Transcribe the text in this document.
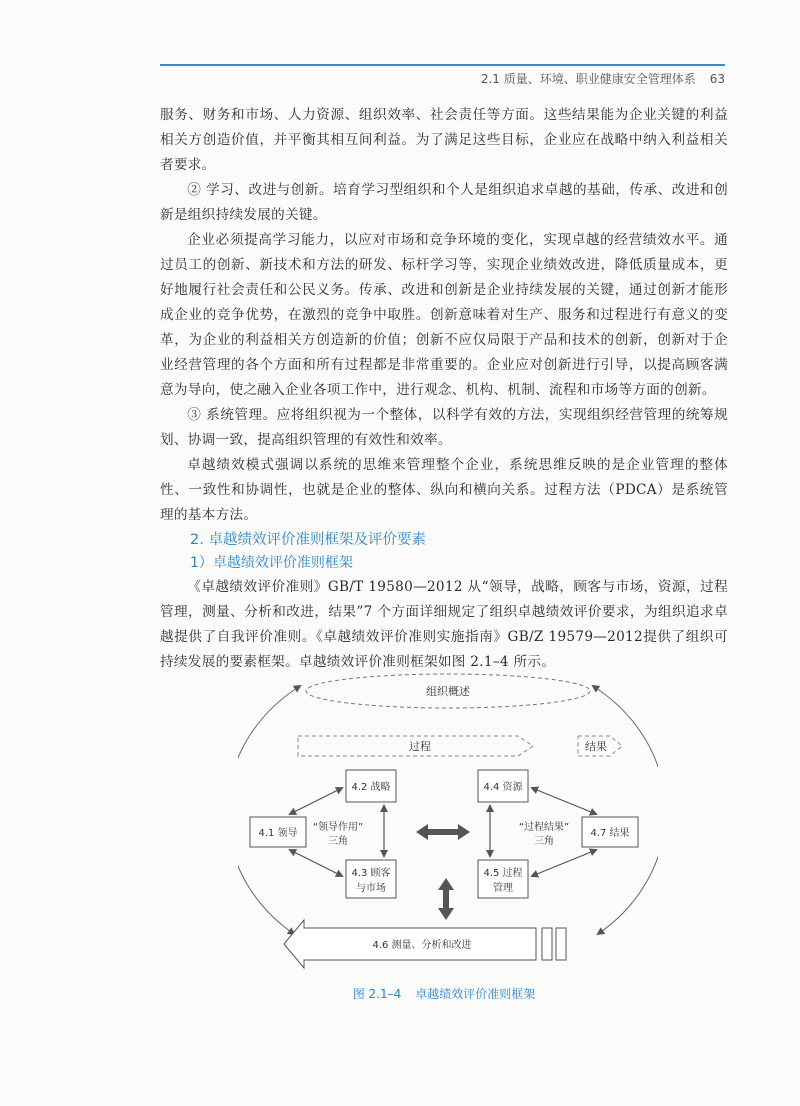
2.1 质量、环境、职业健康安全管理体系 63

服务、财务和市场、人力资源、组织效率、社会责任等方面。这些结果能为企业关键的利益相关方创造价值，并平衡其相互间利益。为了满足这些目标，企业应在战略中纳入利益相关者要求。

② 学习、改进与创新。培育学习型组织和个人是组织追求卓越的基础，传承、改进和创新是组织持续发展的关键。

企业必须提高学习能力，以应对市场和竞争环境的变化，实现卓越的经营绩效水平。通过员工的创新、新技术和方法的研发、标杆学习等，实现企业绩效改进，降低质量成本，更好地履行社会责任和公民义务。传承、改进和创新是企业持续发展的关键，通过创新才能形成企业的竞争优势，在激烈的竞争中取胜。创新意味着对生产、服务和过程进行有意义的变革，为企业的利益相关方创造新的价值；创新不应仅局限于产品和技术的创新，创新对于企业经营管理的各个方面和所有过程都是非常重要的。企业应对创新进行引导，以提高顾客满意为导向，使之融入企业各项工作中，进行观念、机构、机制、流程和市场等方面的创新。

③ 系统管理。应将组织视为一个整体，以科学有效的方法，实现组织经营管理的统筹规划、协调一致，提高组织管理的有效性和效率。

卓越绩效模式强调以系统的思维来管理整个企业，系统思维反映的是企业管理的整体性、一致性和协调性，也就是企业的整体、纵向和横向关系。过程方法（PDCA）是系统管理的基本方法。

2. 卓越绩效评价准则框架及评价要素
1）卓越绩效评价准则框架

《卓越绩效评价准则》GB/T 19580—2012 从“领导，战略，顾客与市场，资源，过程管理，测量、分析和改进，结果”7 个方面详细规定了组织卓越绩效评价要求，为组织追求卓越提供了自我评价准则。《卓越绩效评价准则实施指南》GB/Z 19579—2012提供了组织可持续发展的要素框架。卓越绩效评价准则框架如图 2.1–4 所示。

组织概述
过程	结果
4.2 战略	4.4 资源
4.1 领导	4.7 结果
4.3 顾客
与市场
4.5 过程
管理
“领导作用”
三角
“过程结果”
三角
4.6 测量、分析和改进
图 2.1–4 卓越绩效评价准则框架
